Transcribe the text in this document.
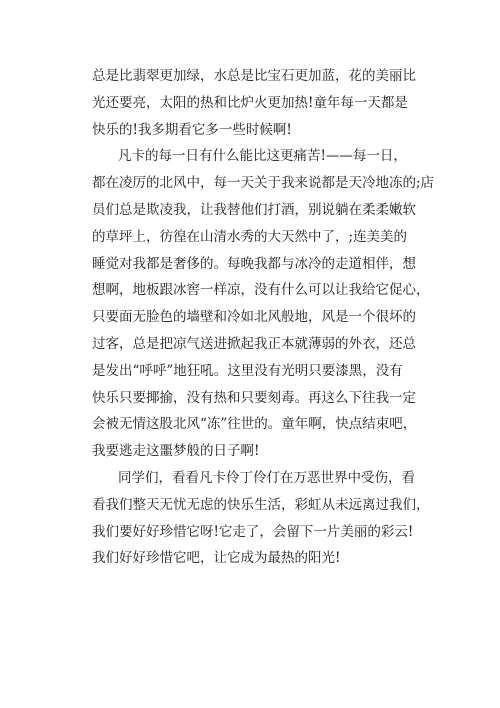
总是比翡翠更加绿，水总是比宝石更加蓝，花的美丽比
光还要亮，太阳的热和比炉火更加热!童年每一天都是
快乐的!我多期看它多一些时候啊!
凡卡的每一日有什么能比这更痛苦!——每一日，
都在凌厉的北风中，每一天关于我来说都是天冷地冻的;店
员们总是欺凌我，让我替他们打酒，别说躺在柔柔嫩软
的草坪上，彷徨在山清水秀的大天然中了，;连美美的
睡觉对我都是奢侈的。每晚我都与冰冷的走道相伴，想
想啊，地板跟冰窖一样凉，没有什么可以让我给它促心，
只要面无脸色的墙壁和冷如北风般地，风是一个很坏的
过客，总是把凉气送进掀起我正本就薄弱的外衣，还总
是发出“呼呼”地狂吼。这里没有光明只要漆黑，没有
快乐只要揶揄，没有热和只要刻毒。再这么下往我一定
会被无情这股北风“冻”往世的。童年啊，快点结束吧，
我要逃走这噩梦般的日子啊!
同学们，看看凡卡伶丁伶仃在万恶世界中受伤，看
看我们整天无忧无虑的快乐生活，彩虹从未远离过我们，
我们要好好珍惜它呀!它走了，会留下一片美丽的彩云!
我们好好珍惜它吧，让它成为最热的阳光!
